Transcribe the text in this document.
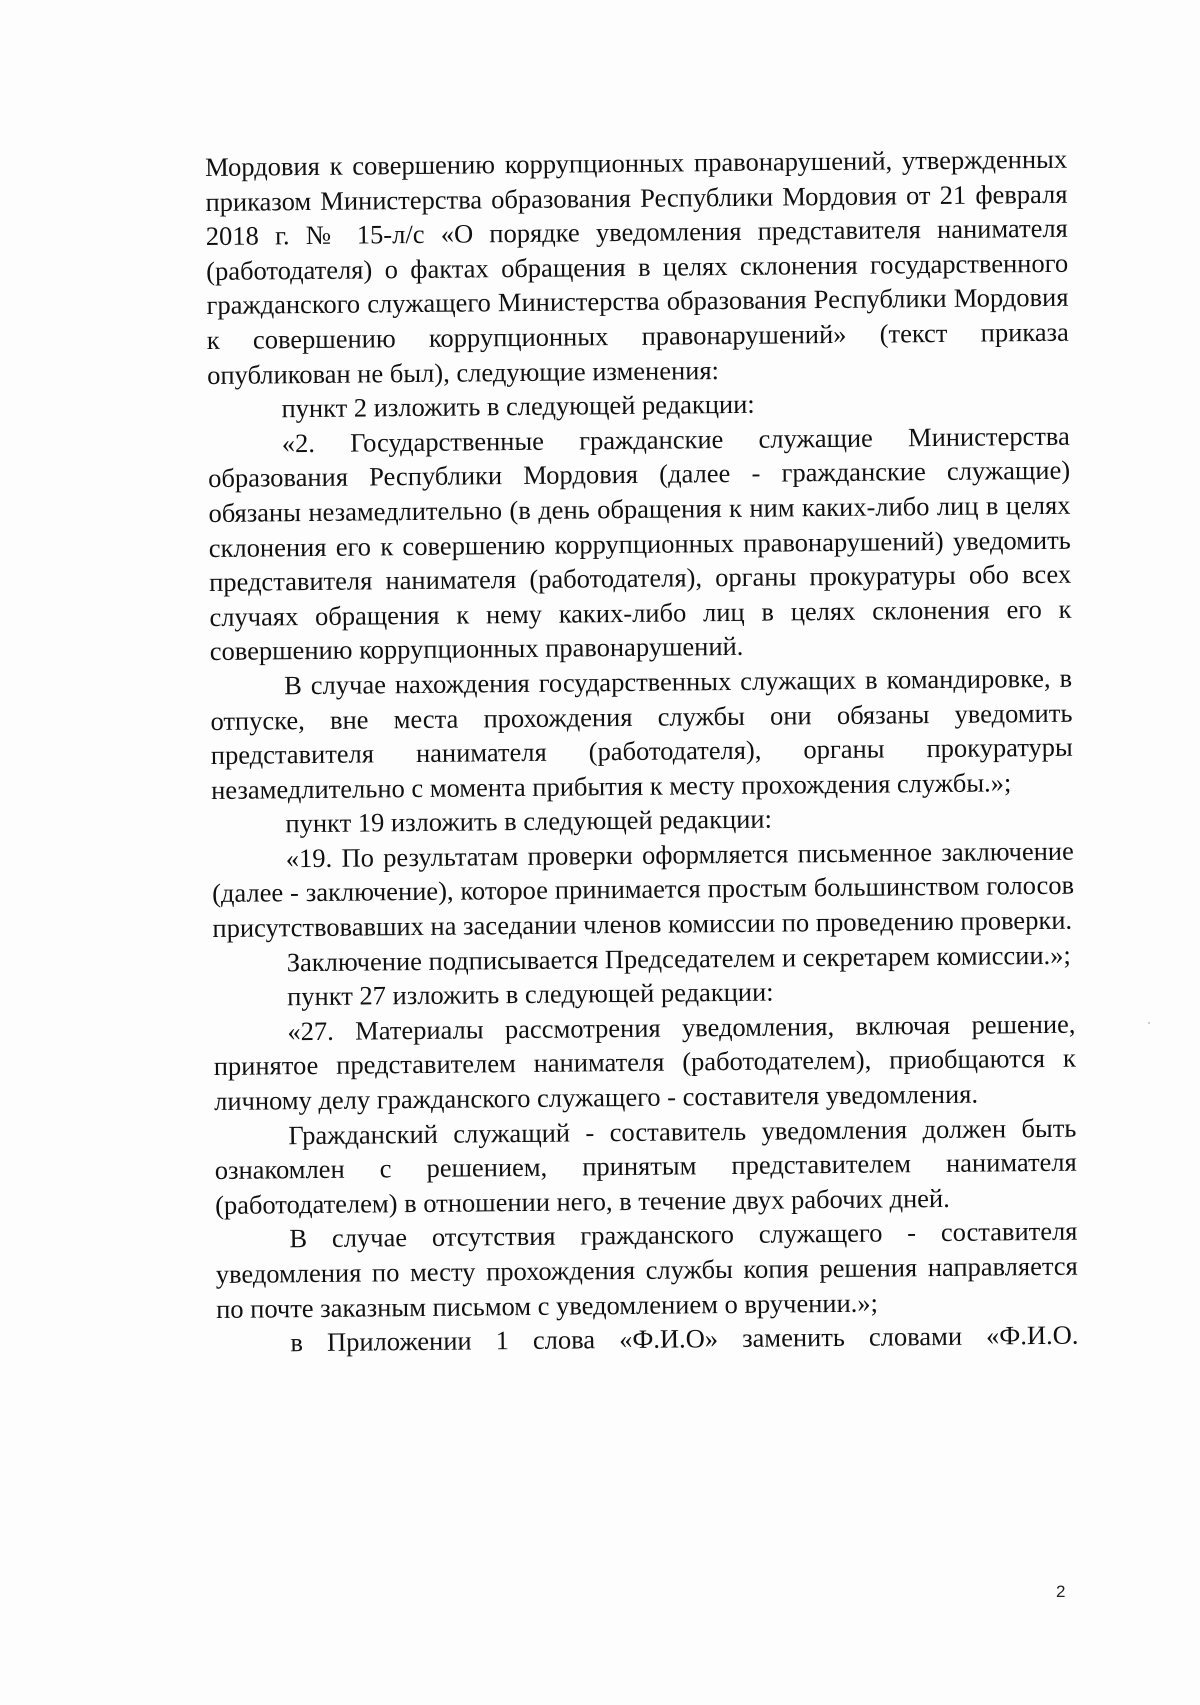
Мордовия к совершению коррупционных правонарушений, утвержденных приказом Министерства образования Республики Мордовия от 21 февраля 2018 г. № 15-л/с «О порядке уведомления представителя нанимателя (работодателя) о фактах обращения в целях склонения государственного гражданского служащего Министерства образования Республики Мордовия к совершению коррупционных правонарушений» (текст приказа опубликован не был), следующие изменения:

пункт 2 изложить в следующей редакции:

«2. Государственные гражданские служащие Министерства образования Республики Мордовия (далее - гражданские служащие) обязаны незамедлительно (в день обращения к ним каких-либо лиц в целях склонения его к совершению коррупционных правонарушений) уведомить представителя нанимателя (работодателя), органы прокуратуры обо всех случаях обращения к нему каких-либо лиц в целях склонения его к совершению коррупционных правонарушений.

В случае нахождения государственных служащих в командировке, в отпуске, вне места прохождения службы они обязаны уведомить представителя нанимателя (работодателя), органы прокуратуры незамедлительно с момента прибытия к месту прохождения службы.»;

пункт 19 изложить в следующей редакции:

«19. По результатам проверки оформляется письменное заключение (далее - заключение), которое принимается простым большинством голосов присутствовавших на заседании членов комиссии по проведению проверки.

Заключение подписывается Председателем и секретарем комиссии.»;

пункт 27 изложить в следующей редакции:

«27. Материалы рассмотрения уведомления, включая решение, принятое представителем нанимателя (работодателем), приобщаются к личному делу гражданского служащего - составителя уведомления.

Гражданский служащий - составитель уведомления должен быть ознакомлен с решением, принятым представителем нанимателя (работодателем) в отношении него, в течение двух рабочих дней.

В случае отсутствия гражданского служащего - составителя уведомления по месту прохождения службы копия решения направляется по почте заказным письмом с уведомлением о вручении.»;

в Приложении 1 слова «Ф.И.О» заменить словами «Ф.И.О.

2
